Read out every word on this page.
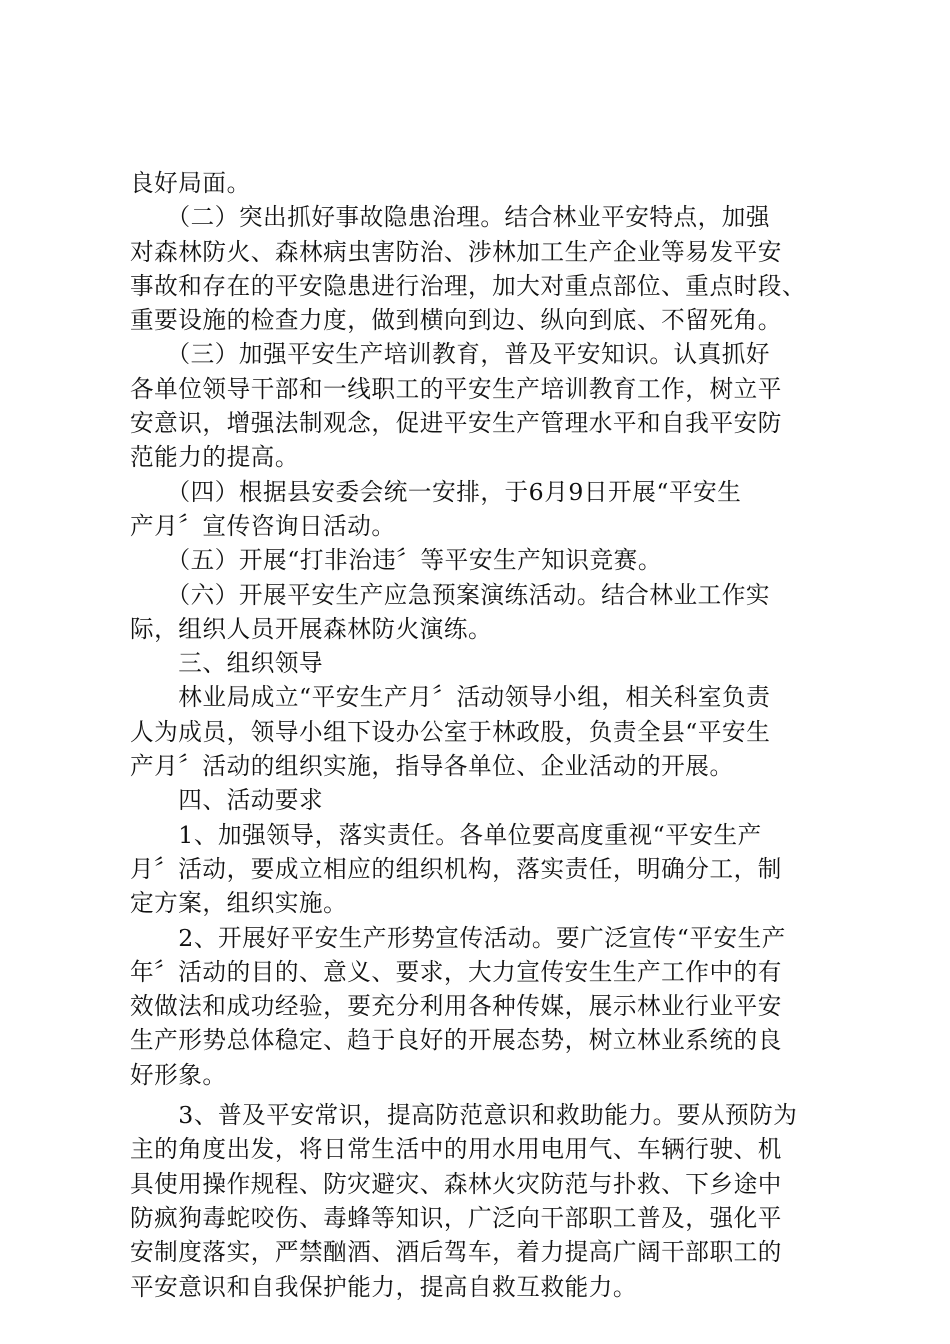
良好局面。
　　（二）突出抓好事故隐患治理。结合林业平安特点，加强
对森林防火、森林病虫害防治、涉林加工生产企业等易发平安
事故和存在的平安隐患进行治理，加大对重点部位、重点时段、
重要设施的检查力度，做到横向到边、纵向到底、不留死角。
　　（三）加强平安生产培训教育，普及平安知识。认真抓好
各单位领导干部和一线职工的平安生产培训教育工作，树立平
安意识，增强法制观念，促进平安生产管理水平和自我平安防
范能力的提高。
　　（四）根据县安委会统一安排，于6月9日开展“平安生
产月〞宣传咨询日活动。
　　（五）开展“打非治违〞等平安生产知识竞赛。
　　（六）开展平安生产应急预案演练活动。结合林业工作实
际，组织人员开展森林防火演练。
　　三、组织领导
　　林业局成立“平安生产月〞活动领导小组，相关科室负责
人为成员，领导小组下设办公室于林政股，负责全县“平安生
产月〞活动的组织实施，指导各单位、企业活动的开展。
　　四、活动要求
　　1、加强领导，落实责任。各单位要高度重视“平安生产
月〞活动，要成立相应的组织机构，落实责任，明确分工，制
定方案，组织实施。
　　2、开展好平安生产形势宣传活动。要广泛宣传“平安生产
年〞活动的目的、意义、要求，大力宣传安生生产工作中的有
效做法和成功经验，要充分利用各种传媒，展示林业行业平安
生产形势总体稳定、趋于良好的开展态势，树立林业系统的良
好形象。
　　3、普及平安常识，提高防范意识和救助能力。要从预防为
主的角度出发，将日常生活中的用水用电用气、车辆行驶、机
具使用操作规程、防灾避灾、森林火灾防范与扑救、下乡途中
防疯狗毒蛇咬伤、毒蜂等知识，广泛向干部职工普及，强化平
安制度落实，严禁酗酒、酒后驾车，着力提高广阔干部职工的
平安意识和自我保护能力，提高自救互救能力。
